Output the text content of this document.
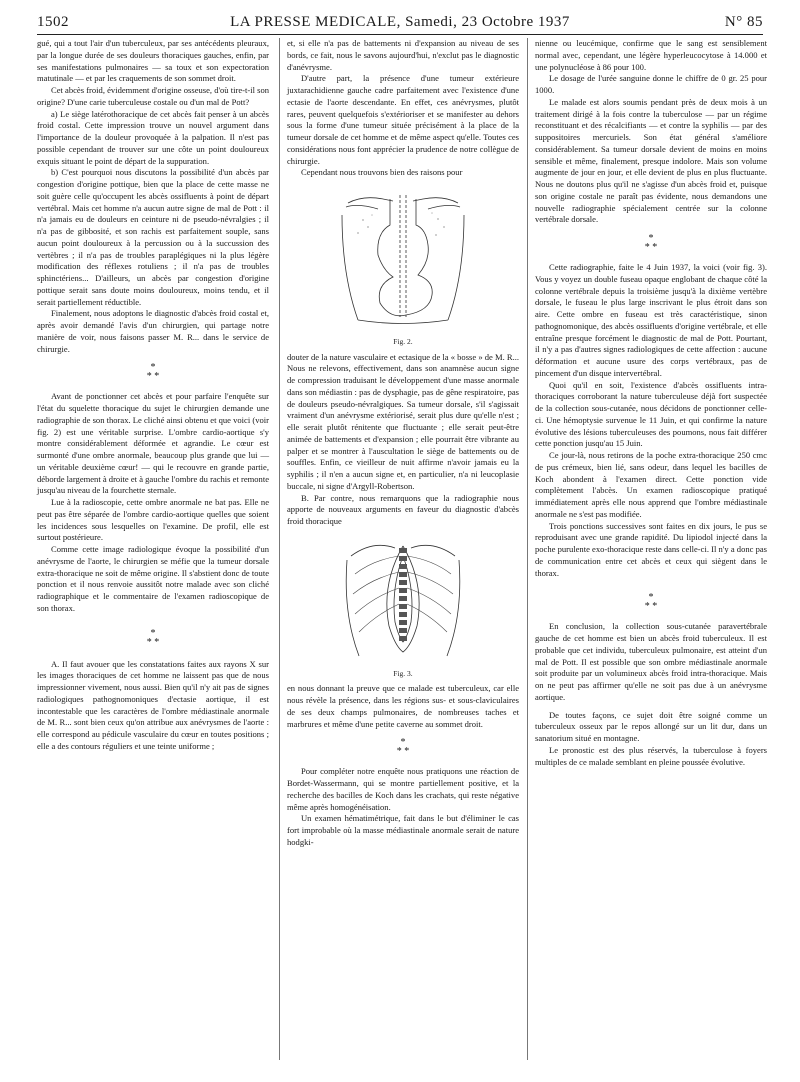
1502	LA PRESSE MEDICALE, Samedi, 23 Octobre 1937	N° 85

gué, qui a tout l'air d'un tuberculeux, par ses antécédents pleuraux, par la longue durée de ses douleurs thoraciques gauches, enfin, par ses manifestations pulmonaires — sa toux et son expectoration matutinale — et par les craquements de son sommet droit.

Cet abcès froid, évidemment d'origine osseuse, d'où tire-t-il son origine? D'une carie tuberculeuse costale ou d'un mal de Pott?

a) Le siège latérothoracique de cet abcès fait penser à un abcès froid costal. Cette impression trouve un nouvel argument dans l'importance de la douleur provoquée à la palpation. Il n'est pas possible cependant de trouver sur une côte un point douloureux exquis situant le point de départ de la suppuration.

b) C'est pourquoi nous discutons la possibilité d'un abcès par congestion d'origine pottique, bien que la place de cette masse ne soit guère celle qu'occupent les abcès ossifluents à point de départ vertébral. Mais cet homme n'a aucun autre signe de mal de Pott : il n'a jamais eu de douleurs en ceinture ni de pseudo-névralgies ; il n'a pas de gibbosité, et son rachis est parfaitement souple, sans aucun point douloureux à la percussion ou à la succussion des vertèbres ; il n'a pas de troubles paraplégiques ni la plus légère modification des réflexes rotuliens ; il n'a pas de troubles sphinctériens... D'ailleurs, un abcès par congestion d'origine pottique serait sans doute moins douloureux, moins tendu, et il serait partiellement réductible.

Finalement, nous adoptons le diagnostic d'abcès froid costal et, après avoir demandé l'avis d'un chirurgien, qui partage notre manière de voir, nous faisons passer M. R... dans le service de chirurgie.

*
* *

Avant de ponctionner cet abcès et pour parfaire l'enquête sur l'état du squelette thoracique du sujet le chirurgien demande une radiographie de son thorax. Le cliché ainsi obtenu et que voici (voir fig. 2) est une véritable surprise. L'ombre cardio-aortique s'y montre considérablement déformée et agrandie. Le cœur est surmonté d'une ombre anormale, beaucoup plus grande que lui — un véritable deuxième cœur! — qui le recouvre en grande partie, déborde largement à droite et à gauche l'ombre du rachis et remonte jusqu'au niveau de la fourchette sternale.

Lue à la radioscopie, cette ombre anormale ne bat pas. Elle ne peut pas être séparée de l'ombre cardio-aortique quelles que soient les incidences sous lesquelles on l'examine. De profil, elle est surtout postérieure.

Comme cette image radiologique évoque la possibilité d'un anévrysme de l'aorte, le chirurgien se méfie que la tumeur dorsale extra-thoracique ne soit de même origine. Il s'abstient donc de toute ponction et il nous renvoie aussitôt notre malade avec son cliché radiographique et le commentaire de l'examen radioscopique de son thorax.

*
* *

A. Il faut avouer que les constatations faites aux rayons X sur les images thoraciques de cet homme ne laissent pas que de nous impressionner vivement, nous aussi. Bien qu'il n'y ait pas de signes radiologiques pathognomoniques d'ectasie aortique, il est incontestable que les caractères de l'ombre médiastinale anormale de M. R... sont bien ceux qu'on attribue aux anévrysmes de l'aorte : elle correspond au pédicule vasculaire du cœur en toutes positions ; elle a des contours réguliers et une teinte uniforme ;

et, si elle n'a pas de battements ni d'expansion au niveau de ses bords, ce fait, nous le savons aujourd'hui, n'exclut pas le diagnostic d'anévrysme.

D'autre part, la présence d'une tumeur extérieure juxtarachidienne gauche cadre parfaitement avec l'existence d'une ectasie de l'aorte descendante. En effet, ces anévrysmes, plutôt rares, peuvent quelquefois s'extérioriser et se manifester au dehors sous la forme d'une tumeur située précisément à la place de la tumeur dorsale de cet homme et de même aspect qu'elle. Toutes ces considérations nous font apprécier la prudence de notre collègue de chirurgie.

Cependant nous trouvons bien des raisons pour

Fig. 2.

douter de la nature vasculaire et ectasique de la « bosse » de M. R... Nous ne relevons, effectivement, dans son anamnèse aucun signe de compression traduisant le développement d'une masse anormale dans son médiastin : pas de dysphagie, pas de gêne respiratoire, pas de douleurs pseudo-névralgiques. Sa tumeur dorsale, s'il s'agissait vraiment d'un anévrysme extériorisé, serait plus dure qu'elle n'est ; elle serait plutôt rénitente que fluctuante ; elle serait peut-être animée de battements et d'expansion ; elle pourrait être vibrante au palper et se montrer à l'auscultation le siège de battements ou de souffles. Enfin, ce vieilleur de nuit affirme n'avoir jamais eu la syphilis ; il n'en a aucun signe et, en particulier, n'a ni leucoplasie buccale, ni signe d'Argyll-Robertson.

B. Par contre, nous remarquons que la radiographie nous apporte de nouveaux arguments en faveur du diagnostic d'abcès froid thoracique

Fig. 3.

en nous donnant la preuve que ce malade est tuberculeux, car elle nous révèle la présence, dans les régions sus- et sous-claviculaires de ses deux champs pulmonaires, de nombreuses taches et marbrures et même d'une petite caverne au sommet droit.

*
* *

Pour compléter notre enquête nous pratiquons une réaction de Bordet-Wassermann, qui se montre partiellement positive, et la recherche des bacilles de Koch dans les crachats, qui reste négative même après homogénéisation.

Un examen hématimétrique, fait dans le but d'éliminer le cas fort improbable où la masse médiastinale anormale serait de nature hodgki-

nienne ou leucémique, confirme que le sang est sensiblement normal avec, cependant, une légère hyperleucocytose à 14.000 et une polynucléose à 86 pour 100.

Le dosage de l'urée sanguine donne le chiffre de 0 gr. 25 pour 1000.

Le malade est alors soumis pendant près de deux mois à un traitement dirigé à la fois contre la tuberculose — par un régime reconstituant et des récalcifiants — et contre la syphilis — par des suppositoires mercuriels. Son état général s'améliore considérablement. Sa tumeur dorsale devient de moins en moins sensible et même, finalement, presque indolore. Mais son volume augmente de jour en jour, et elle devient de plus en plus fluctuante. Nous ne doutons plus qu'il ne s'agisse d'un abcès froid et, puisque son origine costale ne paraît pas évidente, nous demandons une nouvelle radiographie spécialement centrée sur la colonne vertébrale dorsale.

*
* *

Cette radiographie, faite le 4 Juin 1937, la voici (voir fig. 3). Vous y voyez un double fuseau opaque englobant de chaque côté la colonne vertébrale depuis la troisième jusqu'à la dixième vertèbre dorsale, le fuseau le plus large inscrivant le plus étroit dans son aire. Cette ombre en fuseau est très caractéristique, sinon pathognomonique, des abcès ossifluents d'origine vertébrale, et elle entraîne presque forcément le diagnostic de mal de Pott. Pourtant, il n'y a pas d'autres signes radiologiques de cette affection : aucune déformation et aucune usure des corps vertébraux, pas de pincement d'un disque intervertébral.

Quoi qu'il en soit, l'existence d'abcès ossifluents intra-thoraciques corroborant la nature tuberculeuse déjà fort suspectée de la collection sous-cutanée, nous décidons de ponctionner celle-ci. Une hémoptysie survenue le 11 Juin, et qui confirme la nature évolutive des lésions tuberculeuses des poumons, nous fait différer cette ponction jusqu'au 15 Juin.

Ce jour-là, nous retirons de la poche extra-thoracique 250 cmc de pus crémeux, bien lié, sans odeur, dans lequel les bacilles de Koch abondent à l'examen direct. Cette ponction vide complètement l'abcès. Un examen radioscopique pratiqué immédiatement après elle nous apprend que l'ombre médiastinale anormale ne s'est pas modifiée.

Trois ponctions successives sont faites en dix jours, le pus se reproduisant avec une grande rapidité. Du lipiodol injecté dans la poche purulente exo-thoracique reste dans celle-ci. Il n'y a donc pas de communication entre cet abcès et ceux qui siègent dans le thorax.

*
* *

En conclusion, la collection sous-cutanée paravertébrale gauche de cet homme est bien un abcès froid tuberculeux. Il est probable que cet individu, tuberculeux pulmonaire, est atteint d'un mal de Pott. Il est possible que son ombre médiastinale anormale soit produite par un volumineux abcès froid intra-thoracique. Mais on ne peut pas affirmer qu'elle ne soit pas due à un anévrysme aortique.

De toutes façons, ce sujet doit être soigné comme un tuberculeux osseux par le repos allongé sur un lit dur, dans un sanatorium situé en montagne.

Le pronostic est des plus réservés, la tuberculose à foyers multiples de ce malade semblant en pleine poussée évolutive.
